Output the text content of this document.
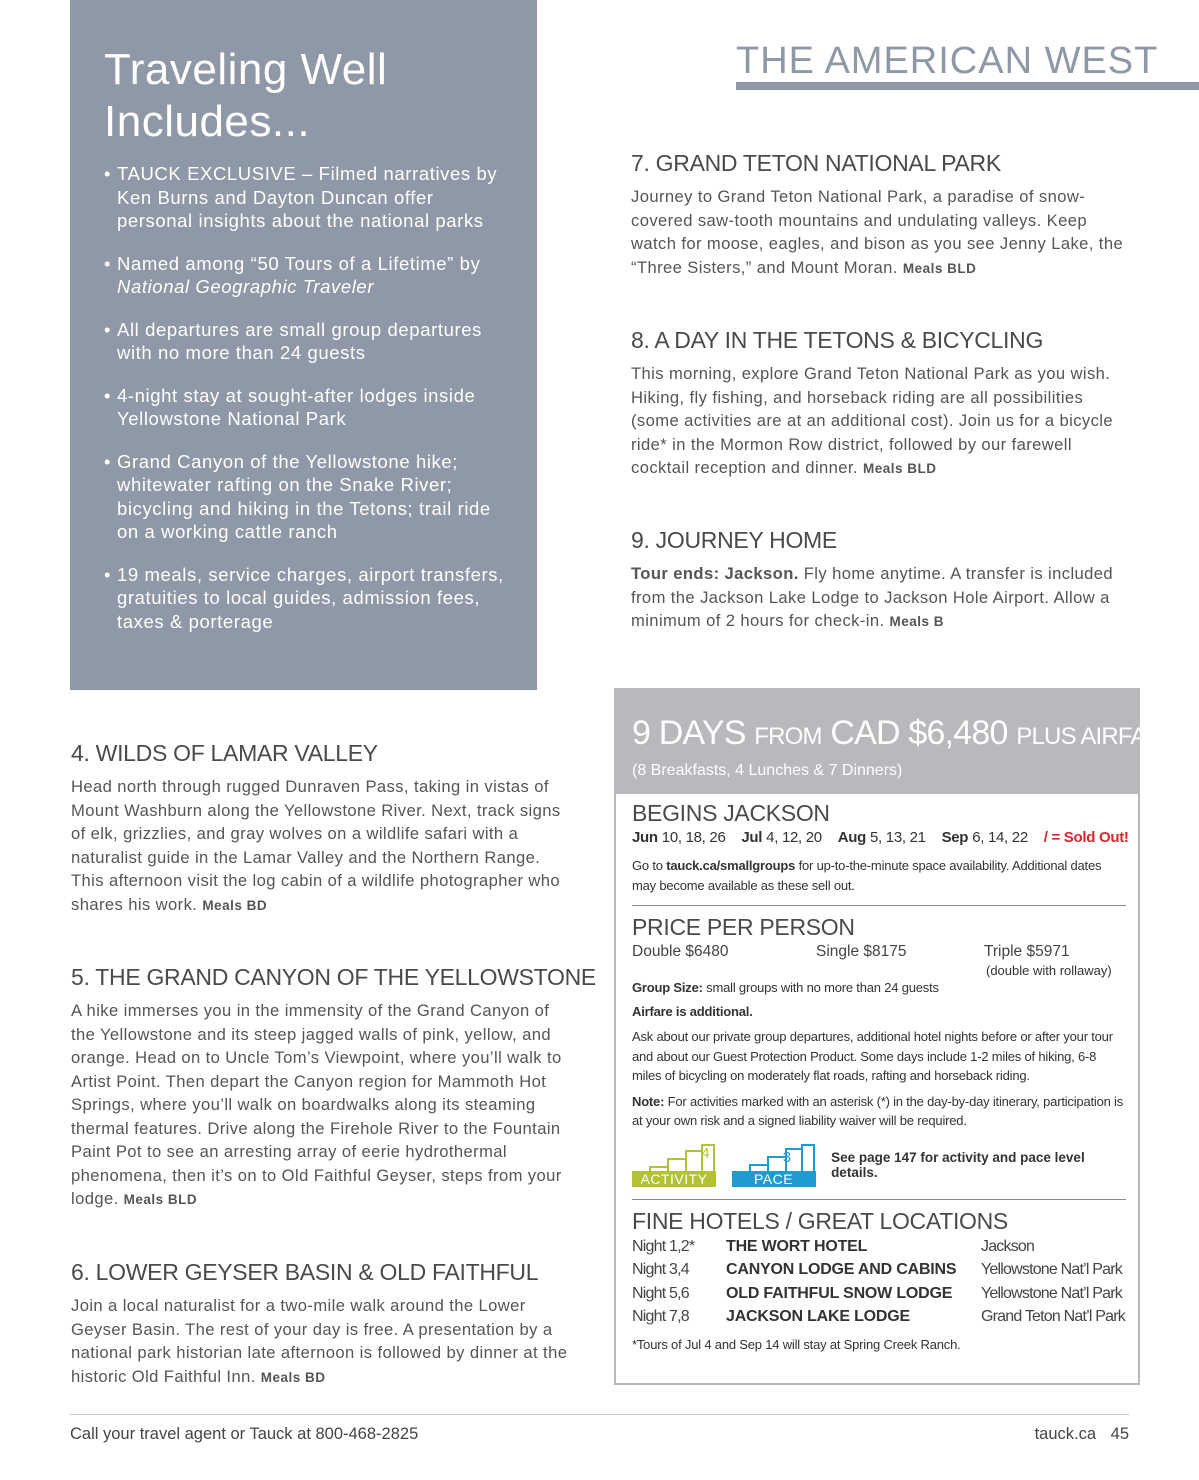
Traveling Well
Includes...
• TAUCK EXCLUSIVE – Filmed narratives by Ken Burns and Dayton Duncan offer personal insights about the national parks
• Named among “50 Tours of a Lifetime” by
National Geographic Traveler
• All departures are small group departures with no more than 24 guests
• 4-night stay at sought-after lodges inside Yellowstone National Park
• Grand Canyon of the Yellowstone hike; whitewater rafting on the Snake River; bicycling and hiking in the Tetons; trail ride on a working cattle ranch
• 19 meals, service charges, airport transfers, gratuities to local guides, admission fees, taxes & porterage
THE AMERICAN WEST
7. GRAND TETON NATIONAL PARK

Journey to Grand Teton National Park, a paradise of snow-covered saw-tooth mountains and undulating valleys. Keep watch for moose, eagles, and bison as you see Jenny Lake, the “Three Sisters,” and Mount Moran. Meals BLD

8. A DAY IN THE TETONS & BICYCLING

This morning, explore Grand Teton National Park as you wish. Hiking, fly fishing, and horseback riding are all possibilities (some activities are at an additional cost). Join us for a bicycle ride* in the Mormon Row district, followed by our farewell cocktail reception and dinner. Meals BLD

9. JOURNEY HOME

Tour ends: Jackson. Fly home anytime. A transfer is included from the Jackson Lake Lodge to Jackson Hole Airport. Allow a minimum of 2 hours for check-in. Meals B

4. WILDS OF LAMAR VALLEY

Head north through rugged Dunraven Pass, taking in vistas of Mount Washburn along the Yellowstone River. Next, track signs of elk, grizzlies, and gray wolves on a wildlife safari with a naturalist guide in the Lamar Valley and the Northern Range. This afternoon visit the log cabin of a wildlife photographer who shares his work. Meals BD

5. THE GRAND CANYON OF THE YELLOWSTONE

A hike immerses you in the immensity of the Grand Canyon of the Yellowstone and its steep jagged walls of pink, yellow, and orange. Head on to Uncle Tom’s Viewpoint, where you’ll walk to Artist Point. Then depart the Canyon region for Mammoth Hot Springs, where you’ll walk on boardwalks along its steaming thermal features. Drive along the Firehole River to the Fountain Paint Pot to see an arresting array of eerie hydrothermal phenomena, then it’s on to Old Faithful Geyser, steps from your lodge. Meals BLD

6. LOWER GEYSER BASIN & OLD FAITHFUL

Join a local naturalist for a two-mile walk around the Lower Geyser Basin. The rest of your day is free. A presentation by a national park historian late afternoon is followed by dinner at the historic Old Faithful Inn. Meals BD

9 DAYS FROM CAD $6,480 PLUS AIRFARE
(8 Breakfasts, 4 Lunches & 7 Dinners)
BEGINS JACKSON
Jun 10, 18, 26 Jul 4, 12, 20 Aug 5, 13, 21 Sep 6, 14, 22 / = Sold Out!
Go to tauck.ca/smallgroups for up-to-the-minute space availability. Additional dates may become available as these sell out.
PRICE PER PERSON
Double $6480	Single $8175	Triple $5971
(double with rollaway)
Group Size: small groups with no more than 24 guests
Airfare is additional.
Ask about our private group departures, additional hotel nights before or after your tour and about our Guest Protection Product. Some days include 1-2 miles of hiking, 6-8 miles of bicycling on moderately flat roads, rafting and horseback riding.
Note: For activities marked with an asterisk (*) in the day-by-day itinerary, participation is at your own risk and a signed liability waiver will be required.
4
ACTIVITY
3
PACE
See page 147 for activity and pace level details.
FINE HOTELS / GREAT LOCATIONS
Night 1,2*	THE WORT HOTEL	Jackson
Night 3,4	CANYON LODGE AND CABINS	Yellowstone Nat’l Park
Night 5,6	OLD FAITHFUL SNOW LODGE	Yellowstone Nat’l Park
Night 7,8	JACKSON LAKE LODGE	Grand Teton Nat’l Park
*Tours of Jul 4 and Sep 14 will stay at Spring Creek Ranch.
Call your travel agent or Tauck at 800-468-2825	tauck.ca 45
